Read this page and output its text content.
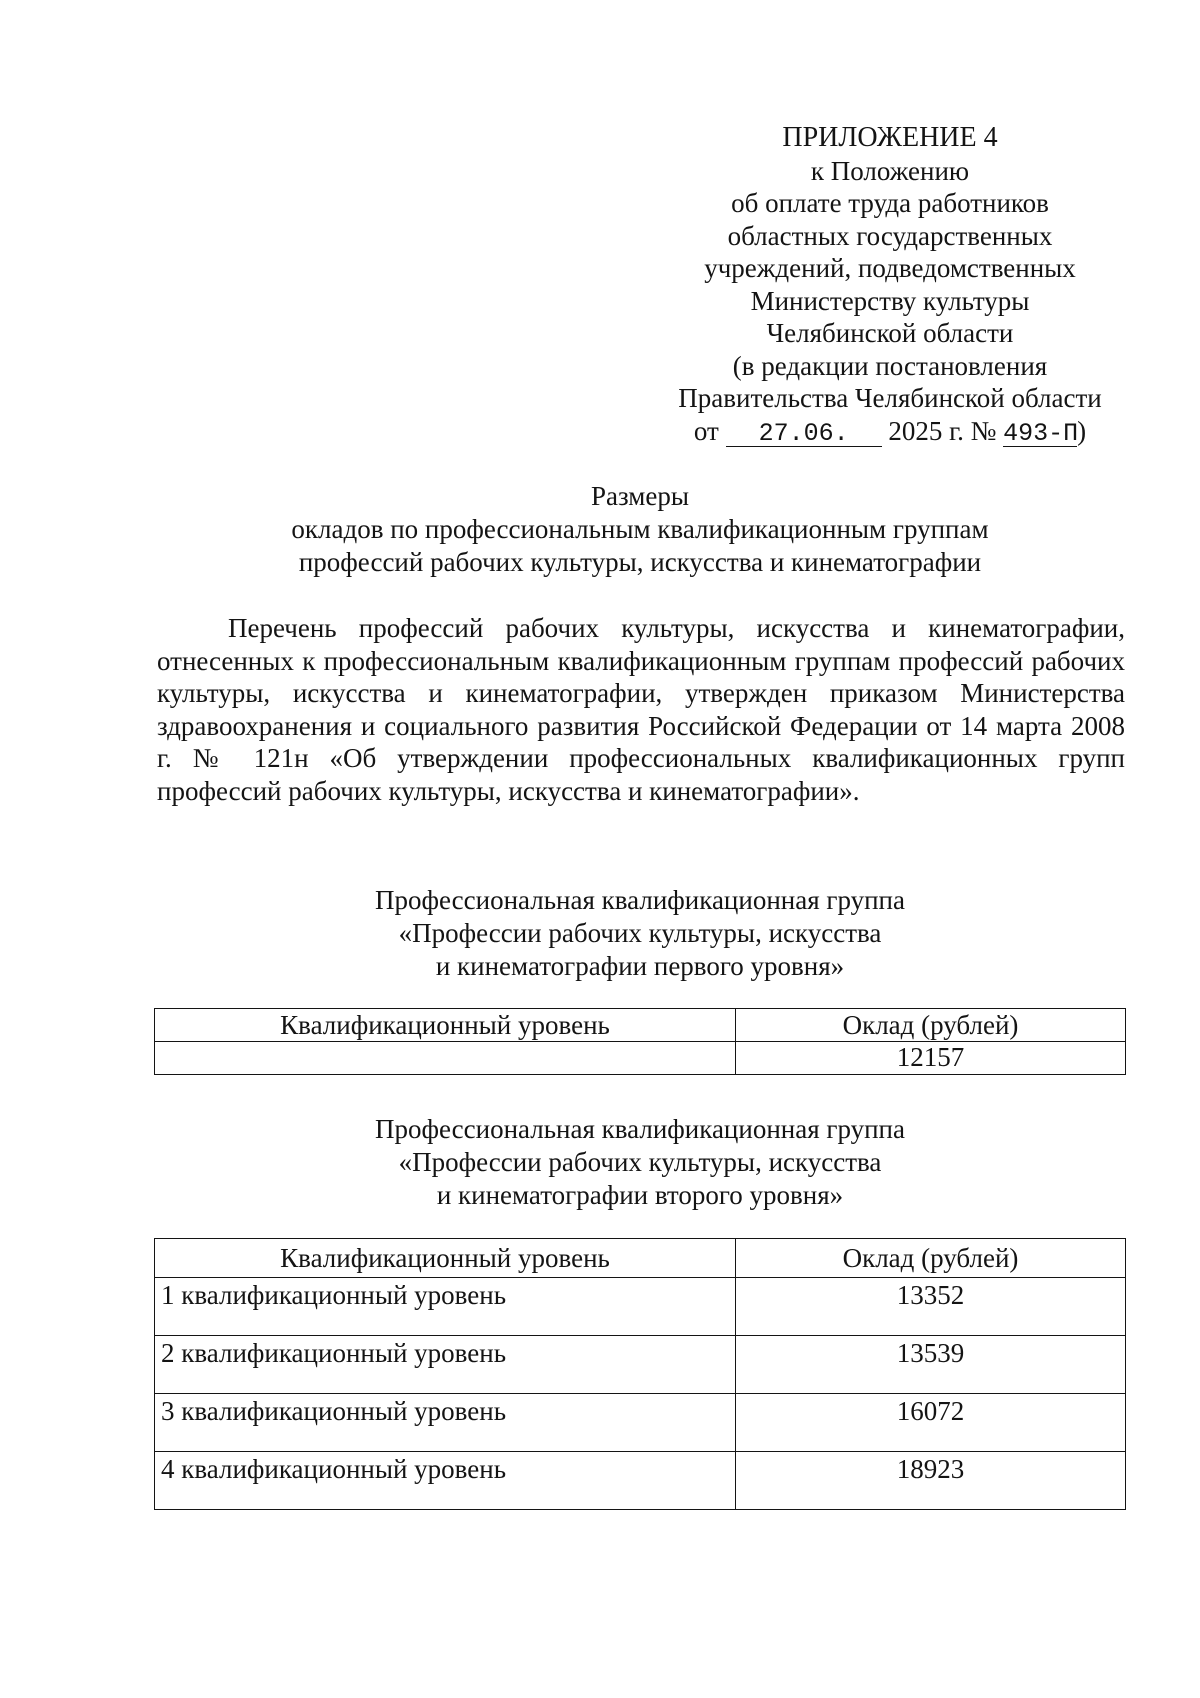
ПРИЛОЖЕНИЕ 4
к Положению
об оплате труда работников
областных государственных
учреждений, подведомственных
Министерству культуры
Челябинской области
(в редакции постановления
Правительства Челябинской области
от 27.06. 2025 г. № 493-П)
Размеры
окладов по профессиональным квалификационным группам
профессий рабочих культуры, искусства и кинематографии
Перечень профессий рабочих культуры, искусства и кинематографии, отнесенных к профессиональным квалификационным группам профессий рабочих культуры, искусства и кинематографии, утвержден приказом Министерства здравоохранения и социального развития Российской Федерации от 14 марта 2008 г. № 121н «Об утверждении профессиональных квалификационных групп профессий рабочих культуры, искусства и кинематографии».
Профессиональная квалификационная группа
«Профессии рабочих культуры, искусства
и кинематографии первого уровня»
Квалификационный уровень	Оклад (рублей)
	12157
Профессиональная квалификационная группа
«Профессии рабочих культуры, искусства
и кинематографии второго уровня»
Квалификационный уровень	Оклад (рублей)
1 квалификационный уровень	13352
2 квалификационный уровень	13539
3 квалификационный уровень	16072
4 квалификационный уровень	18923
